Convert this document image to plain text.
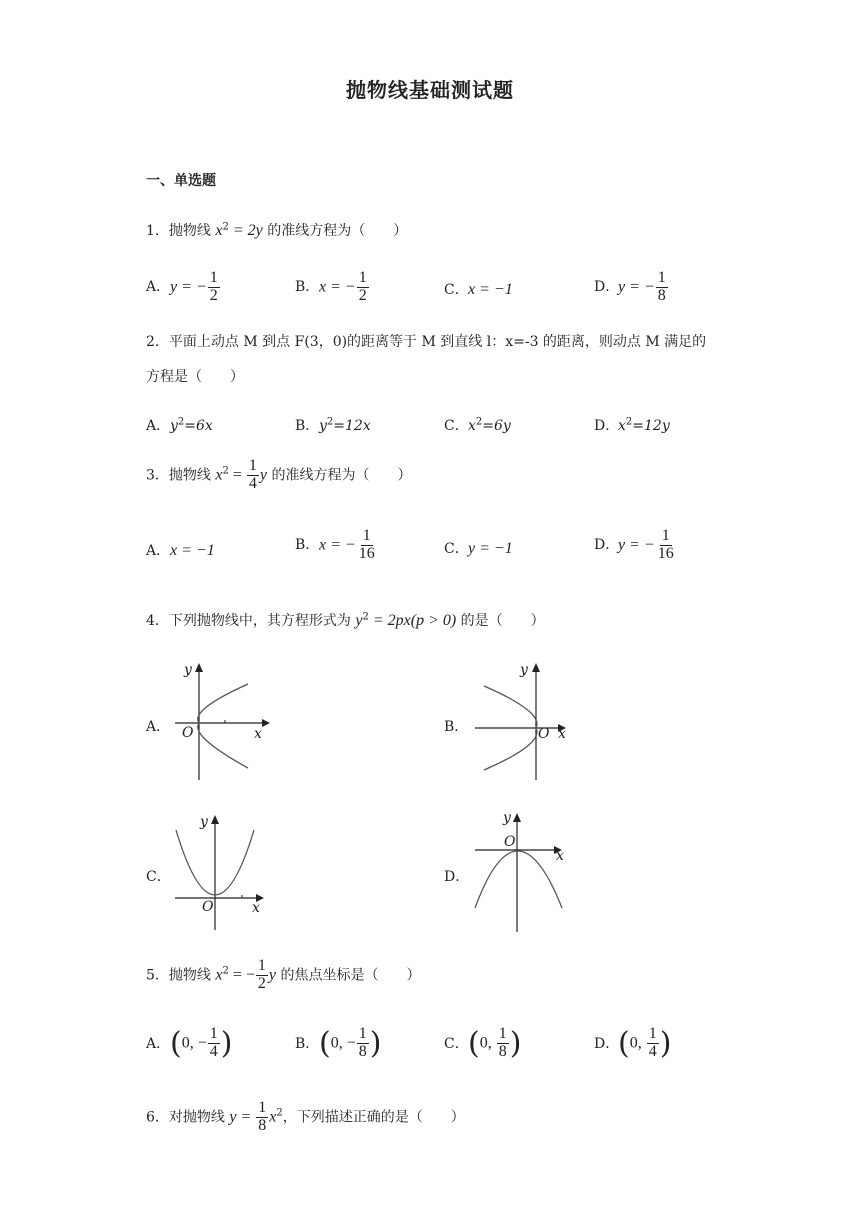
抛物线基础测试题
一、单选题
1．抛物线 $x^2 = 2y$ 的准线方程为（　　）
A．y = − $\frac{1}{2}$	B．x = − $\frac{1}{2}$	C．x = −1	D．y = − $\frac{1}{8}$
2．平面上动点 M 到点 F(3，0)的距离等于 M 到直线 l：x=-3 的距离，则动点 M 满足的
方程是（　　）
A．$y^2=6x$	B．$y^2=12x$	C．$x^2=6y$	D．$x^2=12y$
3．抛物线 $x^2 = \frac{1}{4}$ y 的准线方程为（　　）
A．x = −1	B．x = − $\frac{1}{16}$	C．y = −1	D．y = − $\frac{1}{16}$
4．下列抛物线中，其方程形式为 $y^2 = 2px(p > 0)$ 的是（　　）
A．
y
x
O	B．
y
x
O
C．
y
x
O
D．
y
x
O
5．抛物线 $x^2$ = − $\frac{1}{2}$ y 的焦点坐标是（　　）
A．(0, − $\frac{1}{4}$ )	B．(0, − $\frac{1}{8}$ )	C．(0, $\frac{1}{8}$ )	D．(0, $\frac{1}{4}$ )
6．对抛物线 $y = \frac{1}{8} x^2$，下列描述正确的是（　　）
